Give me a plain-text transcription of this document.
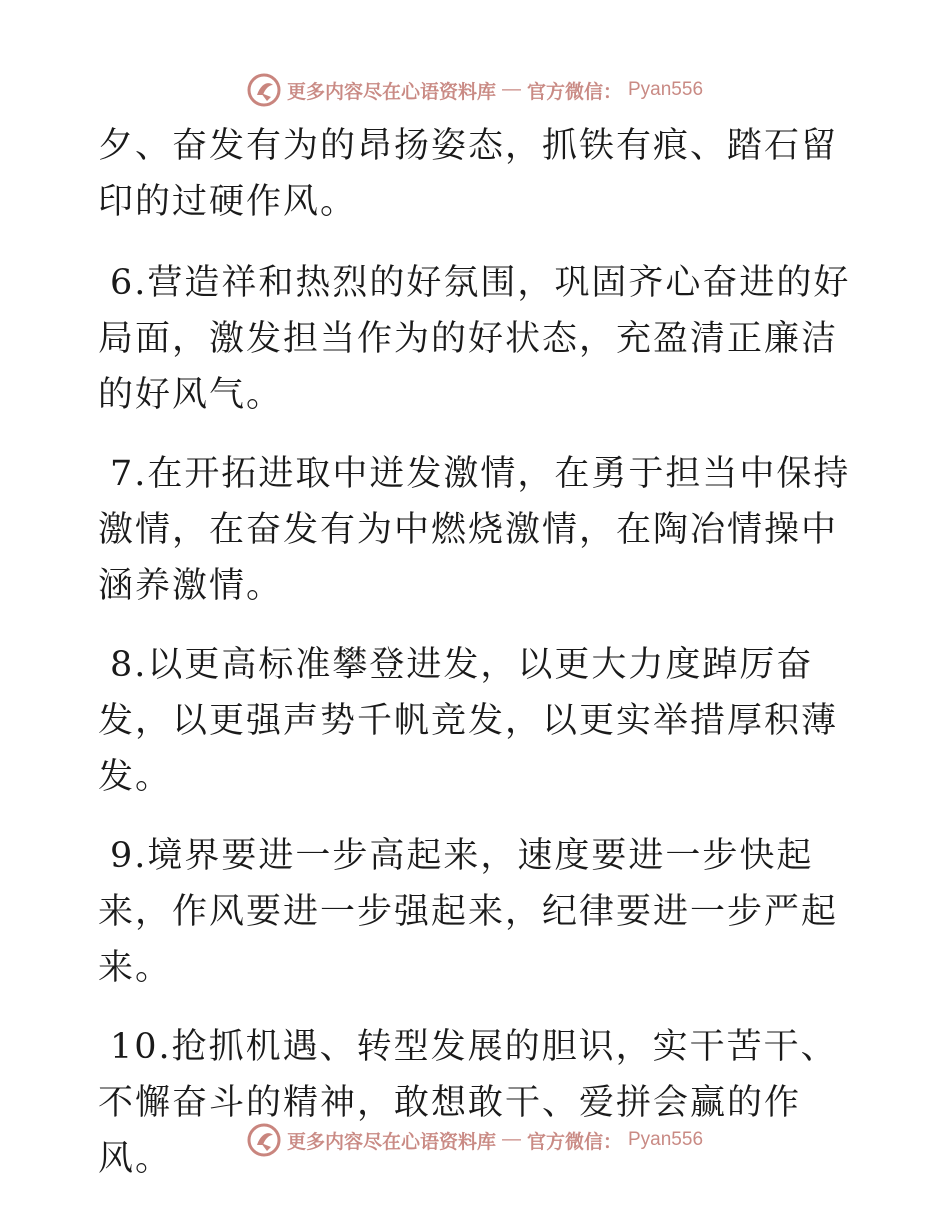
更多内容尽在心语资料库 — 官方微信： Pyan556

夕、奋发有为的昂扬姿态，抓铁有痕、踏石留印的过硬作风。

6.营造祥和热烈的好氛围，巩固齐心奋进的好局面，激发担当作为的好状态，充盈清正廉洁的好风气。

7.在开拓进取中迸发激情，在勇于担当中保持激情，在奋发有为中燃烧激情，在陶冶情操中涵养激情。

8.以更高标准攀登进发，以更大力度踔厉奋发，以更强声势千帆竞发，以更实举措厚积薄发。

9.境界要进一步高起来，速度要进一步快起来，作风要进一步强起来，纪律要进一步严起来。

10.抢抓机遇、转型发展的胆识，实干苦干、不懈奋斗的精神，敢想敢干、爱拼会赢的作风。	更多内容尽在心语资料库 — 官方微信： Pyan556
